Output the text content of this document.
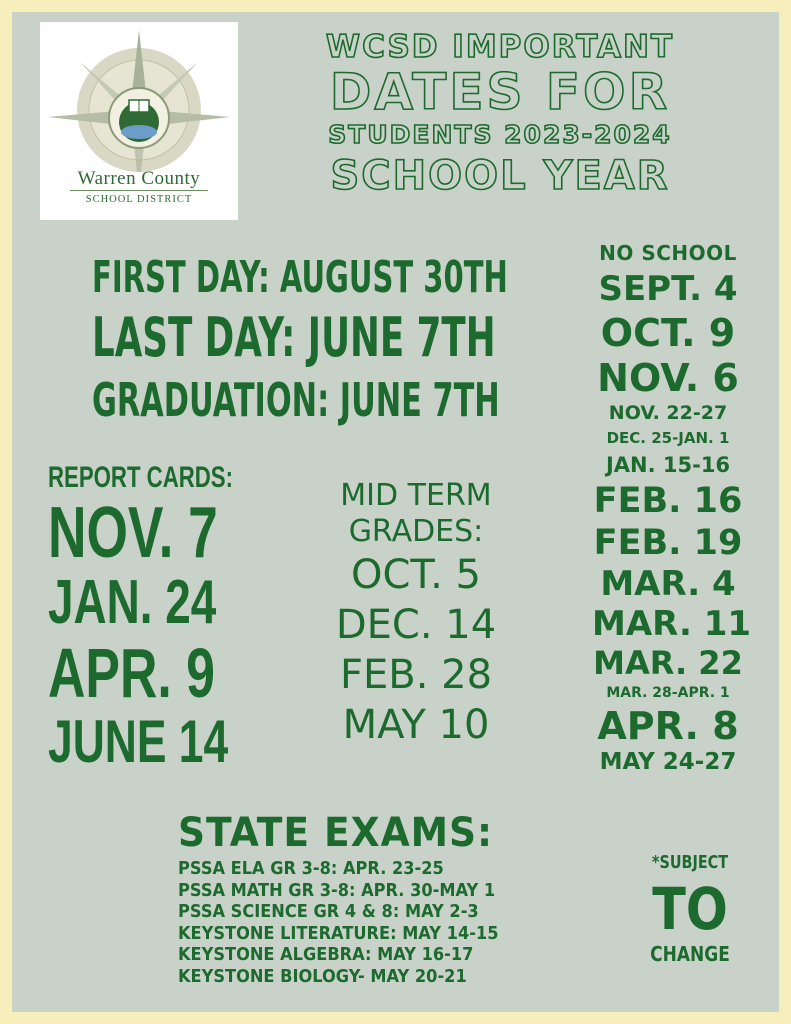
Warren County
SCHOOL DISTRICT
WCSD IMPORTANT
DATES FOR
STUDENTS 2023-2024
SCHOOL YEAR
FIRST DAY: AUGUST 30TH
LAST DAY: JUNE 7TH
GRADUATION: JUNE 7TH
REPORT CARDS:
NOV. 7
JAN. 24
APR. 9
JUNE 14
MID TERM
GRADES:
OCT. 5
DEC. 14
FEB. 28
MAY 10
NO SCHOOL
SEPT. 4
OCT. 9
NOV. 6
NOV. 22-27
DEC. 25-JAN. 1
JAN. 15-16
FEB. 16
FEB. 19
MAR. 4
MAR. 11
MAR. 22
MAR. 28-APR. 1
APR. 8
MAY 24-27
STATE EXAMS:
PSSA ELA GR 3-8: APR. 23-25
PSSA MATH GR 3-8: APR. 30-MAY 1
PSSA SCIENCE GR 4 & 8: MAY 2-3
KEYSTONE LITERATURE: MAY 14-15
KEYSTONE ALGEBRA: MAY 16-17
KEYSTONE BIOLOGY- MAY 20-21
*SUBJECT
TO
CHANGE
